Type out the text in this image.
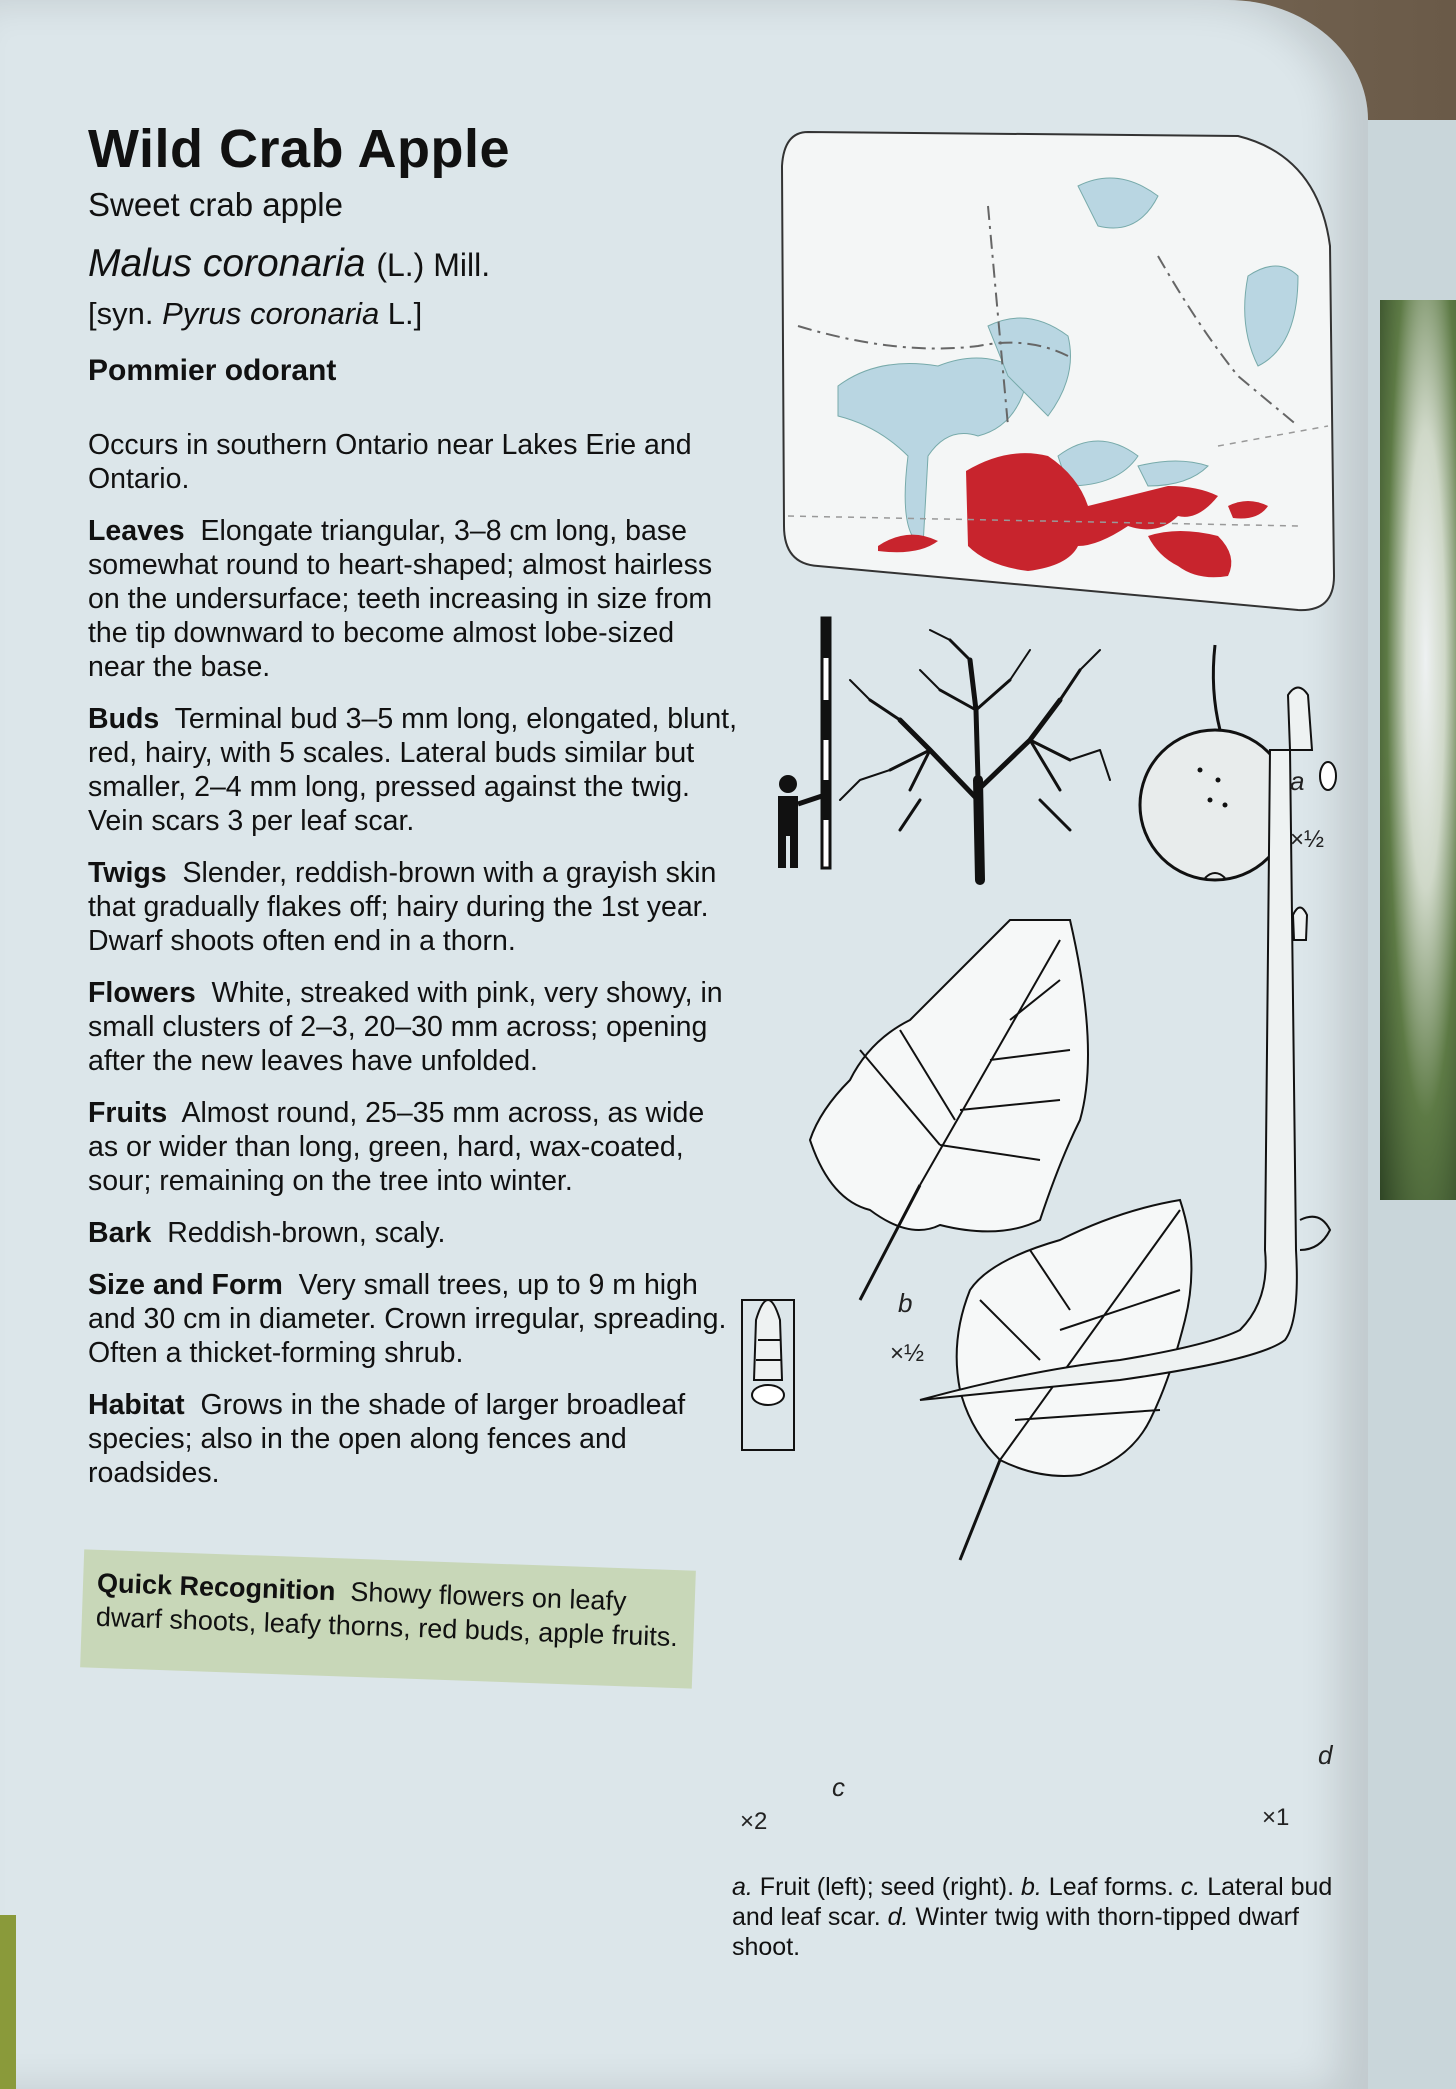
Wild Crab Apple
Sweet crab apple
Malus coronaria (L.) Mill.
[syn. Pyrus coronaria L.]
Pommier odorant

Occurs in southern Ontario near Lakes Erie and Ontario.

Leaves Elongate triangular, 3–8 cm long, base somewhat round to heart-shaped; almost hairless on the undersurface; teeth increasing in size from the tip downward to become almost lobe-sized near the base.

Buds Terminal bud 3–5 mm long, elongated, blunt, red, hairy, with 5 scales. Lateral buds similar but smaller, 2–4 mm long, pressed against the twig. Vein scars 3 per leaf scar.

Twigs Slender, reddish-brown with a grayish skin that gradually flakes off; hairy during the 1st year. Dwarf shoots often end in a thorn.

Flowers White, streaked with pink, very showy, in small clusters of 2–3, 20–30 mm across; opening after the new leaves have unfolded.

Fruits Almost round, 25–35 mm across, as wide as or wider than long, green, hard, wax-coated, sour; remaining on the tree into winter.

Bark Reddish-brown, scaly.

Size and Form Very small trees, up to 9 m high and 30 cm in diameter. Crown irregular, spreading. Often a thicket-forming shrub.

Habitat Grows in the shade of larger broadleaf species; also in the open along fences and roadsides.

Quick Recognition Showy flowers on leafy dwarf shoots, leafy thorns, red buds, apple fruits.
a
×½
b
×½
c
×2
d
×1
a. Fruit (left); seed (right). b. Leaf forms. c. Lateral bud and leaf scar. d. Winter twig with thorn-tipped dwarf shoot.
